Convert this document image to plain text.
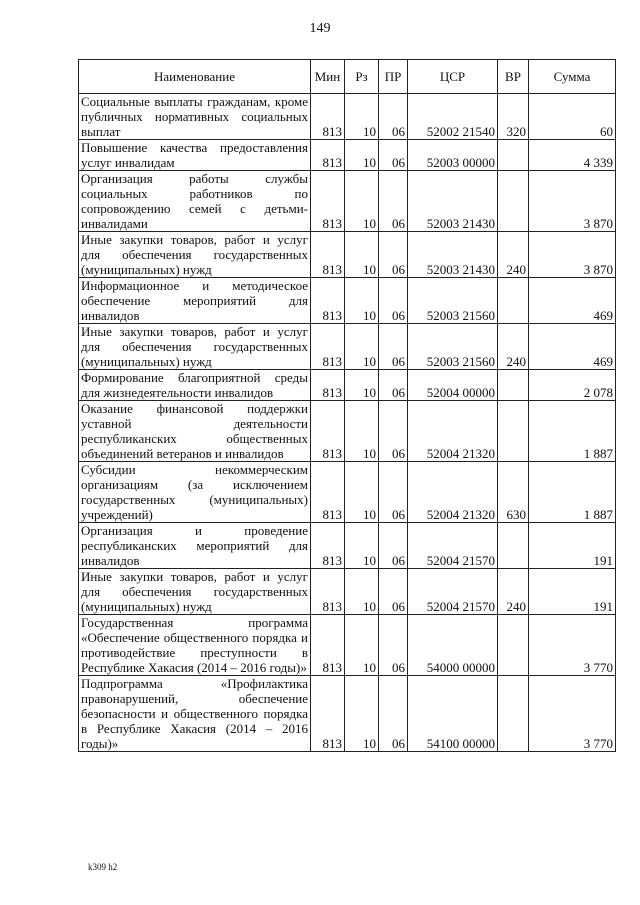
149
Наименование	Мин	Рз	ПР	ЦСР	ВР	Сумма
Социальные выплаты гражданам, кроме публичных нормативных социальных выплат	813	10	06	52002 21540	320	60
Повышение качества предоставления услуг инвалидам	813	10	06	52003 00000		4 339
Организация работы службы социальных работников по сопровождению семей с детьми-инвалидами	813	10	06	52003 21430		3 870
Иные закупки товаров, работ и услуг для обеспечения государственных (муниципальных) нужд	813	10	06	52003 21430	240	3 870
Информационное и методическое обеспечение мероприятий для инвалидов	813	10	06	52003 21560		469
Иные закупки товаров, работ и услуг для обеспечения государственных (муниципальных) нужд	813	10	06	52003 21560	240	469
Формирование благоприятной среды для жизнедеятельности инвалидов	813	10	06	52004 00000		2 078
Оказание финансовой поддержки уставной деятельности республиканских общественных объединений ветеранов и инвалидов	813	10	06	52004 21320		1 887
Субсидии некоммерческим организациям (за исключением государственных (муниципальных) учреждений)	813	10	06	52004 21320	630	1 887
Организация и проведение республиканских мероприятий для инвалидов	813	10	06	52004 21570		191
Иные закупки товаров, работ и услуг для обеспечения государственных (муниципальных) нужд	813	10	06	52004 21570	240	191
Государственная программа «Обеспечение общественного порядка и противодействие преступности в Республике Хакасия (2014 – 2016 годы)»	813	10	06	54000 00000		3 770
Подпрограмма «Профилактика правонарушений, обеспечение безопасности и общественного порядка в Республике Хакасия (2014 – 2016 годы)»	813	10	06	54100 00000		3 770
k309 h2
